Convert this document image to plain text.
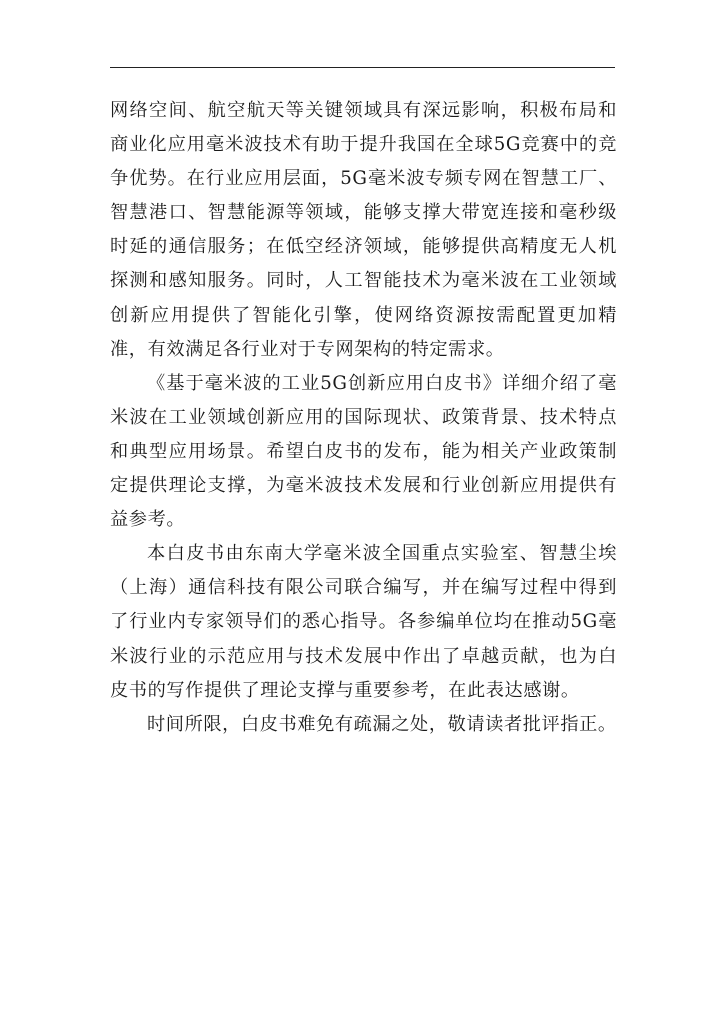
网络空间、航空航天等关键领域具有深远影响，积极布局和商业化应用毫米波技术有助于提升我国在全球5G竞赛中的竞争优势。在行业应用层面，5G毫米波专频专网在智慧工厂、智慧港口、智慧能源等领域，能够支撑大带宽连接和毫秒级时延的通信服务；在低空经济领域，能够提供高精度无人机探测和感知服务。同时，人工智能技术为毫米波在工业领域创新应用提供了智能化引擎，使网络资源按需配置更加精准，有效满足各行业对于专网架构的特定需求。

《基于毫米波的工业5G创新应用白皮书》详细介绍了毫米波在工业领域创新应用的国际现状、政策背景、技术特点和典型应用场景。希望白皮书的发布，能为相关产业政策制定提供理论支撑，为毫米波技术发展和行业创新应用提供有益参考。

本白皮书由东南大学毫米波全国重点实验室、智慧尘埃（上海）通信科技有限公司联合编写，并在编写过程中得到了行业内专家领导们的悉心指导。各参编单位均在推动5G毫米波行业的示范应用与技术发展中作出了卓越贡献，也为白皮书的写作提供了理论支撑与重要参考，在此表达感谢。

时间所限，白皮书难免有疏漏之处，敬请读者批评指正。
